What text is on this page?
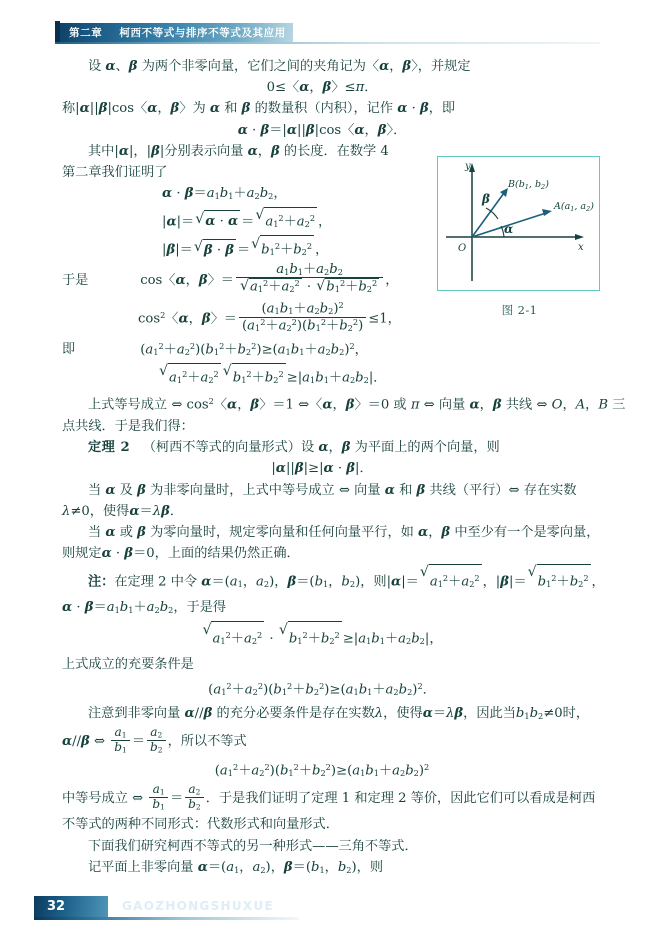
第二章 柯西不等式与排序不等式及其应用
y
x
O
$B(b_1$, $b_2$)
$A(a_1$, $a_2$)
β
α
图 2-1

设 α、β 为两个非零向量，它们之间的夹角记为〈α，β〉，并规定

0≤〈α，β〉≤π．

称|α||β|cos〈α，β〉为 α 和 β 的数量积（内积），记作 α · β，即

α · β＝|α||β|cos〈α，β〉．

其中|α|，|β|分别表示向量 α，β 的长度．在数学 4

第二章我们证明了

$\alpha \cdot \beta=a_1b_1+a_2b_2$，

|α|＝ √ α · α ＝ √ $a_1^2+a_2^2$ ，

|β|＝ √ β · β ＝ √ $b_1^2+b_2^2$ ，

于是	cos〈α，β〉＝ $\frac{a_1b_1+a_2b_2}{√ a_1^2+a_2^2 \cdot √ b_1^2+b_2^2}$ ，

$\cos^2$〈α，β〉＝ $\frac{(a_1b_1+a_2b_2)^2}{(a_1^2+a_2^2)(b_1^2+b_2^2)} \le 1$，

即	$(a_1^2+a_2^2)(b_1^2+b_2^2)\ge(a_1b_1+a_2b_2)^2$，

√ $a_1^2+a_2^2$ √ $b_1^2+b_2^2 \ge|a_1b_1+a_2b_2|$．

上式等号成立 ⇔ $\cos^2$〈α，β〉＝1 ⇔〈α，β〉＝0 或 π ⇔ 向量 α，β 共线 ⇔ O，A，B 三

点共线．于是我们得：

定理 2   （柯西不等式的向量形式）设 α，β 为平面上的两个向量，则

|α||β|≥|α · β|．

当 α 及 β 为非零向量时，上式中等号成立 ⇔ 向量 α 和 β 共线（平行）⇔ 存在实数

λ≠0，使得α＝λβ．

当 α 或 β 为零向量时，规定零向量和任何向量平行，如 α，β 中至少有一个是零向量，

则规定α · β＝0，上面的结果仍然正确．

注：在定理 2 中令 $\alpha=(a_1$，$a_2$)，$\beta=(b_1$，$b_2$)，则|α|＝
√
$a_1^2+a_2^2$ ，|β|＝
√
$b_1^2+b_2^2$ ，

$\alpha \cdot \beta=a_1b_1+a_2b_2$，于是得

√
$a_1^2+a_2^2$ ·
√
$b_1^2+b_2^2 \ge|a_1b_1+a_2b_2|$，

上式成立的充要条件是

$(a_1^2+a_2^2)(b_1^2+b_2^2)\ge(a_1b_1+a_2b_2)^2$．

注意到非零向量 α//β 的充分必要条件是存在实数λ，使得α＝λβ，因此当$b_1b_2\ne 0$时，

α//β ⇔ $\frac{a_1}{b_1} = \frac{a_2}{b_2}$ ，所以不等式

$(a_1^2+a_2^2)(b_1^2+b_2^2)\ge(a_1b_1+a_2b_2)^2$

中等号成立 ⇔ $\frac{a_1}{b_1} = \frac{a_2}{b_2}$ ．于是我们证明了定理 1 和定理 2 等价，因此它们可以看成是柯西

不等式的两种不同形式：代数形式和向量形式．

下面我们研究柯西不等式的另一种形式——三角不等式．

记平面上非零向量 $\alpha=(a_1$，$a_2$)，$\beta=(b_1$，$b_2$)，则

32	GAOZHONGSHUXUE
